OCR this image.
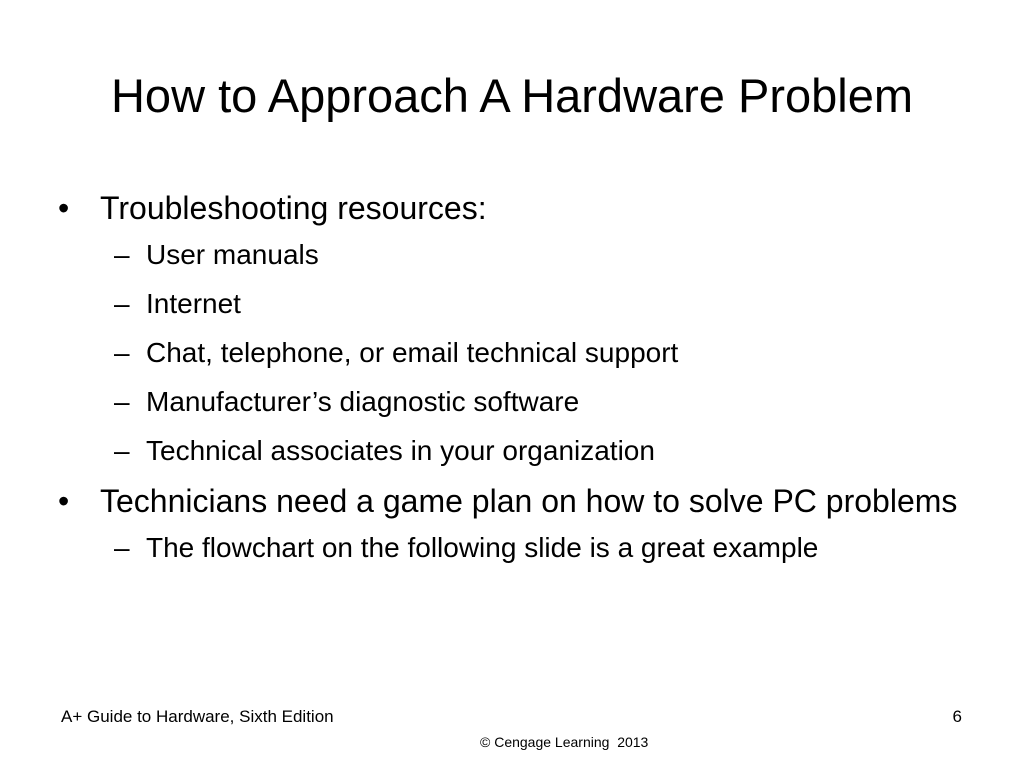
How to Approach A Hardware Problem
• Troubleshooting resources:
– User manuals
– Internet
– Chat, telephone, or email technical support
– Manufacturer’s diagnostic software
– Technical associates in your organization
• Technicians need a game plan on how to solve PC problems
– The flowchart on the following slide is a great example
A+ Guide to Hardware, Sixth Edition	6
© Cengage Learning  2013
